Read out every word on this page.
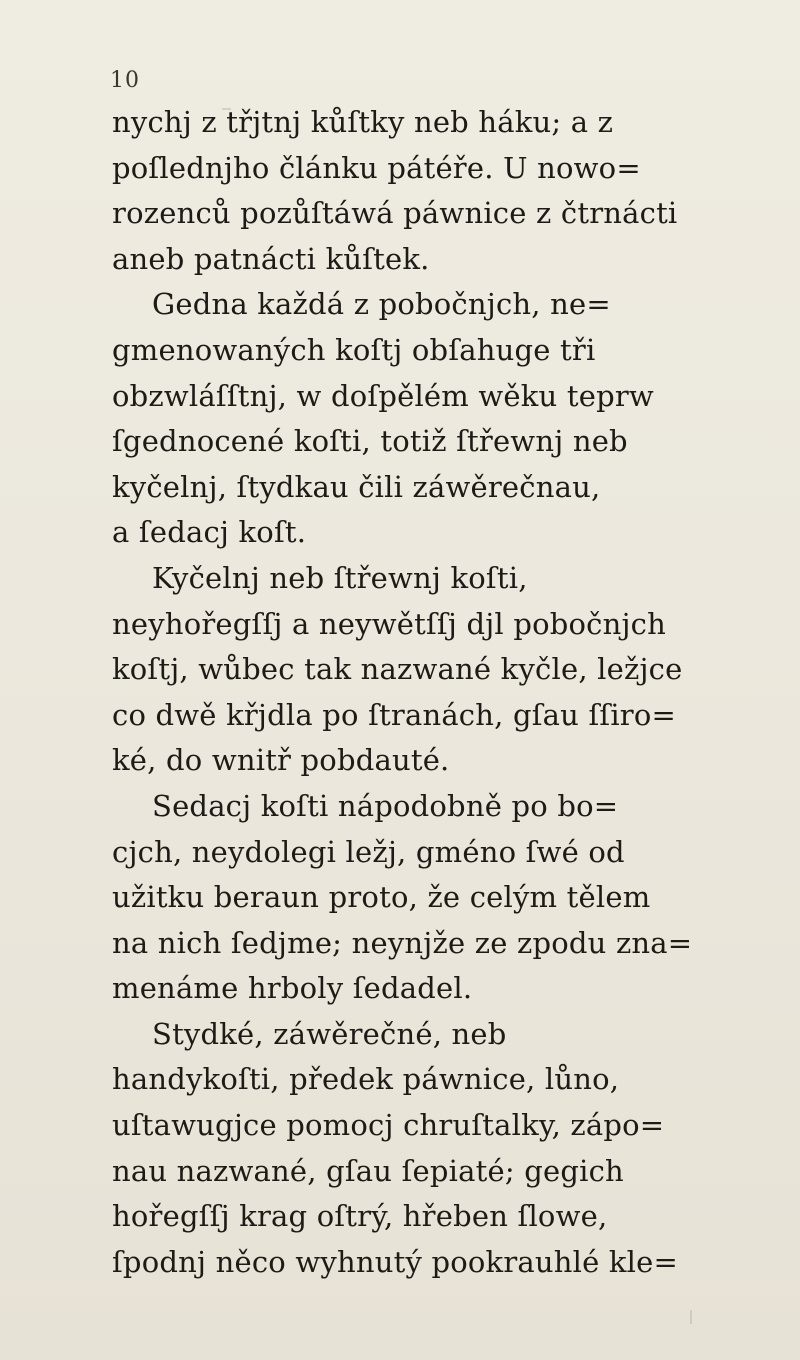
10
nychj z třjtnj kůſtky neb háku; a z
poſlednjho článku pátéře. U nowo=
rozenců pozůſtáwá páwnice z čtrnácti
aneb patnácti kůſtek.
Gedna každá z pobočnjch, ne=
gmenowaných koſtj obſahuge tři
obzwláſſtnj, w doſpělém wěku teprw
ſgednocené koſti, totiž ſtřewnj neb
kyčelnj, ſtydkau čili záwěrečnau,
a ſedacj koſt.
Kyčelnj neb ſtřewnj koſti,
neyhořegſſj a neywětſſj djl pobočnjch
koſtj, wůbec tak nazwané kyčle, ležjce
co dwě křjdla po ſtranách, gſau ſſiro=
ké, do wnitř pobdauté.
Sedacj koſti nápodobně po bo=
cjch, neydolegi ležj, gméno ſwé od
užitku beraun proto, že celým tělem
na nich ſedjme; neynjže ze zpodu zna=
menáme hrboly ſedadel.
Stydké, záwěrečné, neb
handykoſti, předek páwnice, lůno,
uſtawugjce pomocj chruſtalky, zápo=
nau nazwané, gſau ſepiaté; gegich
hořegſſj krag oſtrý, hřeben ſlowe,
ſpodnj něco wyhnutý pookrauhlé kle=
